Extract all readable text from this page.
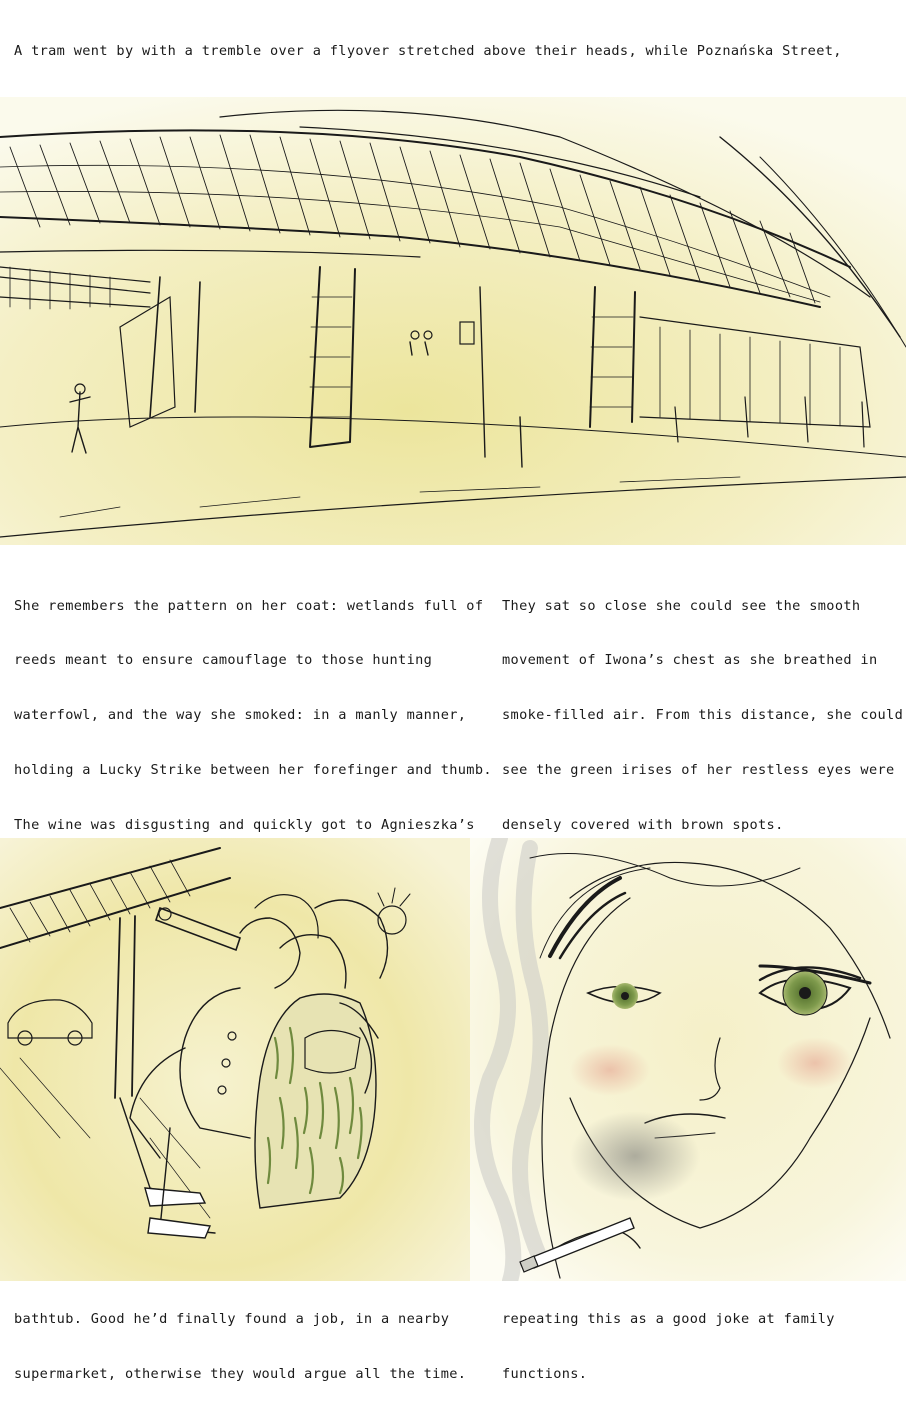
A tram went by with a tremble over a flyover stretched above their heads, while Poznańska Street,

She remembers the pattern on her coat: wetlands full of

reeds meant to ensure camouflage to those hunting

waterfowl, and the way she smoked: in a manly manner,

holding a Lucky Strike between her forefinger and thumb.

The wine was disgusting and quickly got to Agnieszka’s

bathtub. Good he’d finally found a job, in a nearby

supermarket, otherwise they would argue all the time.

They sat so close she could see the smooth

movement of Iwona’s chest as she breathed in

smoke-filled air. From this distance, she could

see the green irises of her restless eyes were

densely covered with brown spots.

repeating this as a good joke at family

functions.
